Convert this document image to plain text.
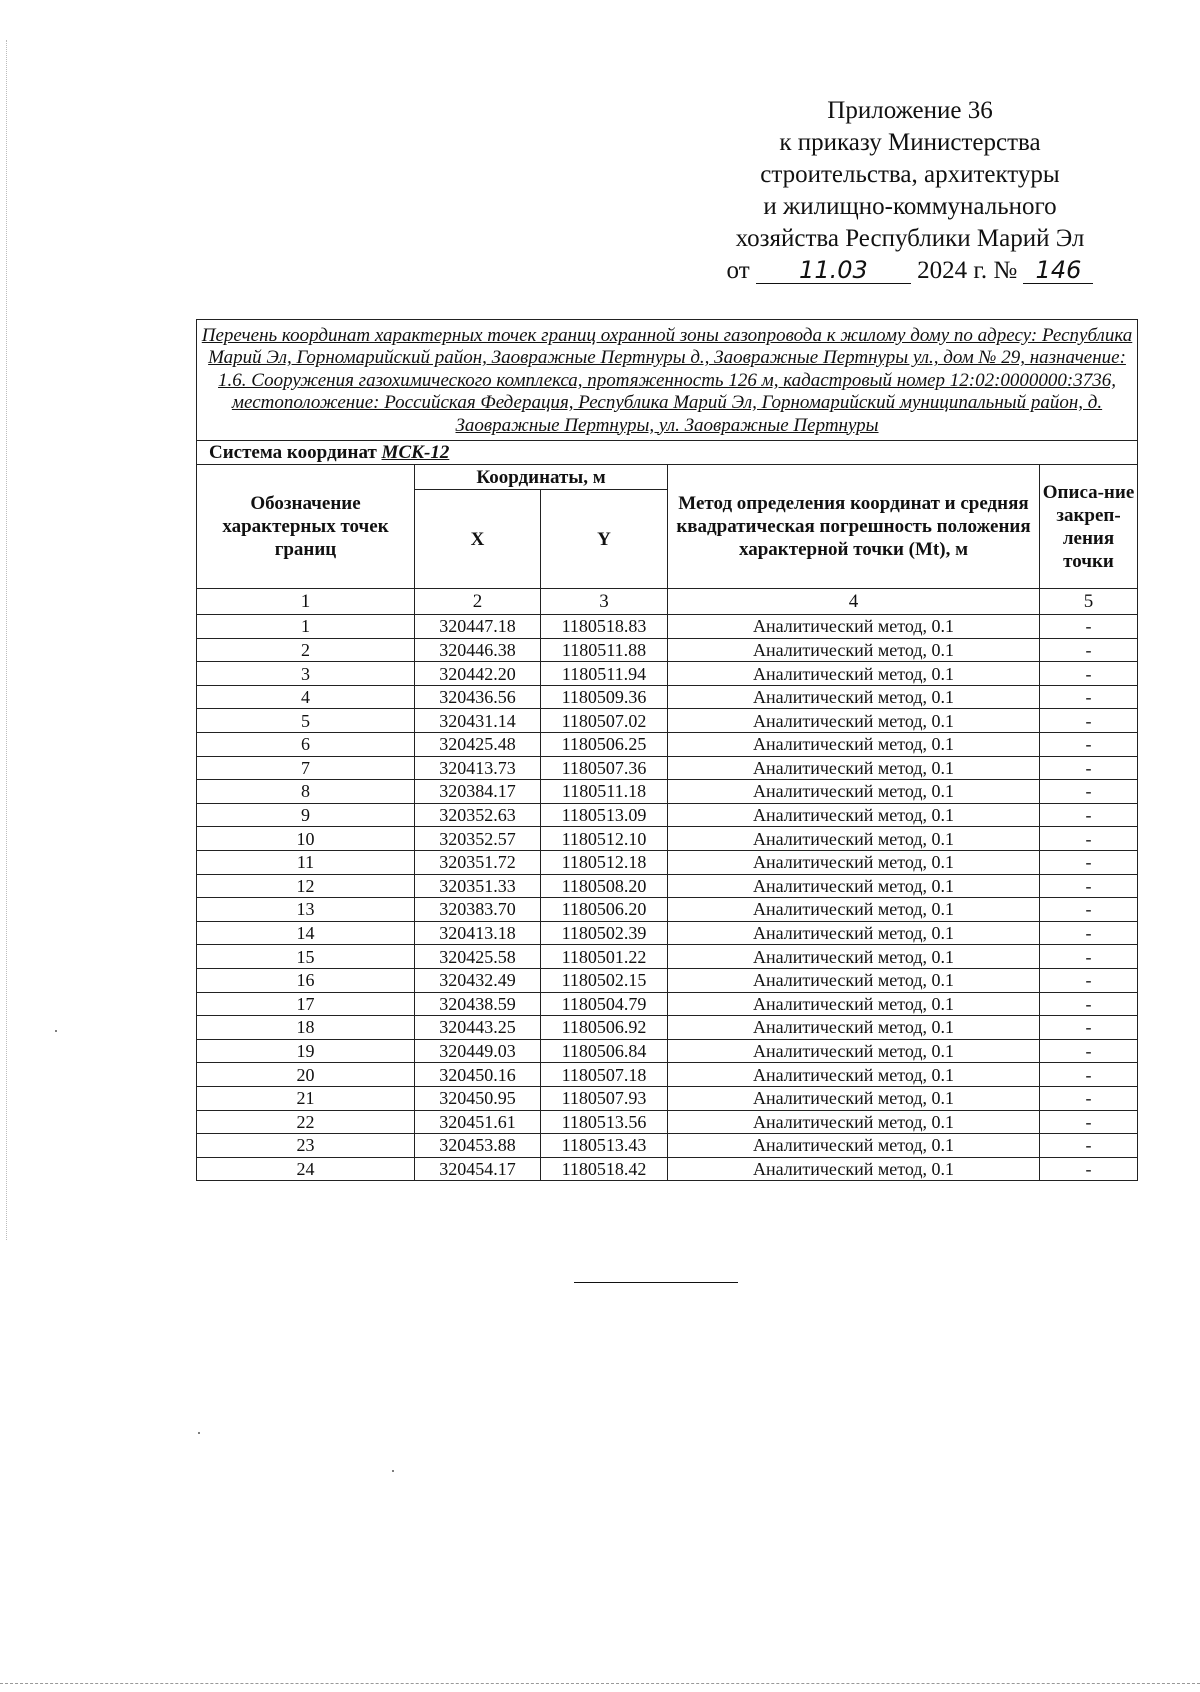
Приложение 36
к приказу Министерства
строительства, архитектуры
и жилищно-коммунального
хозяйства Республики Марий Эл
от 11.03 2024 г. № 146
Перечень координат характерных точек границ охранной зоны газопровода к жилому дому по адресу: Республика Марий Эл, Горномарийский район, Заовражные Пертнуры д., Заовражные Пертнуры ул., дом № 29, назначение: 1.6. Сооружения газохимического комплекса, протяженность 126 м, кадастровый номер 12:02:0000000:3736, местоположение: Российская Федерация, Республика Марий Эл, Горномарийский муниципальный район, д. Заовражные Пертнуры, ул. Заовражные Пертнуры				
Система координат МСК-12				
Обозначение характерных точек границ	Координаты, м		Метод определения координат и средняя квадратическая погрешность положения характерной точки (Mt), м	Описа-ние закреп-ления точки
	X	Y		
1	2	3	4	5
1	320447.18	1180518.83	Аналитический метод, 0.1	-
2	320446.38	1180511.88	Аналитический метод, 0.1	-
3	320442.20	1180511.94	Аналитический метод, 0.1	-
4	320436.56	1180509.36	Аналитический метод, 0.1	-
5	320431.14	1180507.02	Аналитический метод, 0.1	-
6	320425.48	1180506.25	Аналитический метод, 0.1	-
7	320413.73	1180507.36	Аналитический метод, 0.1	-
8	320384.17	1180511.18	Аналитический метод, 0.1	-
9	320352.63	1180513.09	Аналитический метод, 0.1	-
10	320352.57	1180512.10	Аналитический метод, 0.1	-
11	320351.72	1180512.18	Аналитический метод, 0.1	-
12	320351.33	1180508.20	Аналитический метод, 0.1	-
13	320383.70	1180506.20	Аналитический метод, 0.1	-
14	320413.18	1180502.39	Аналитический метод, 0.1	-
15	320425.58	1180501.22	Аналитический метод, 0.1	-
16	320432.49	1180502.15	Аналитический метод, 0.1	-
17	320438.59	1180504.79	Аналитический метод, 0.1	-
18	320443.25	1180506.92	Аналитический метод, 0.1	-
19	320449.03	1180506.84	Аналитический метод, 0.1	-
20	320450.16	1180507.18	Аналитический метод, 0.1	-
21	320450.95	1180507.93	Аналитический метод, 0.1	-
22	320451.61	1180513.56	Аналитический метод, 0.1	-
23	320453.88	1180513.43	Аналитический метод, 0.1	-
24	320454.17	1180518.42	Аналитический метод, 0.1	-
